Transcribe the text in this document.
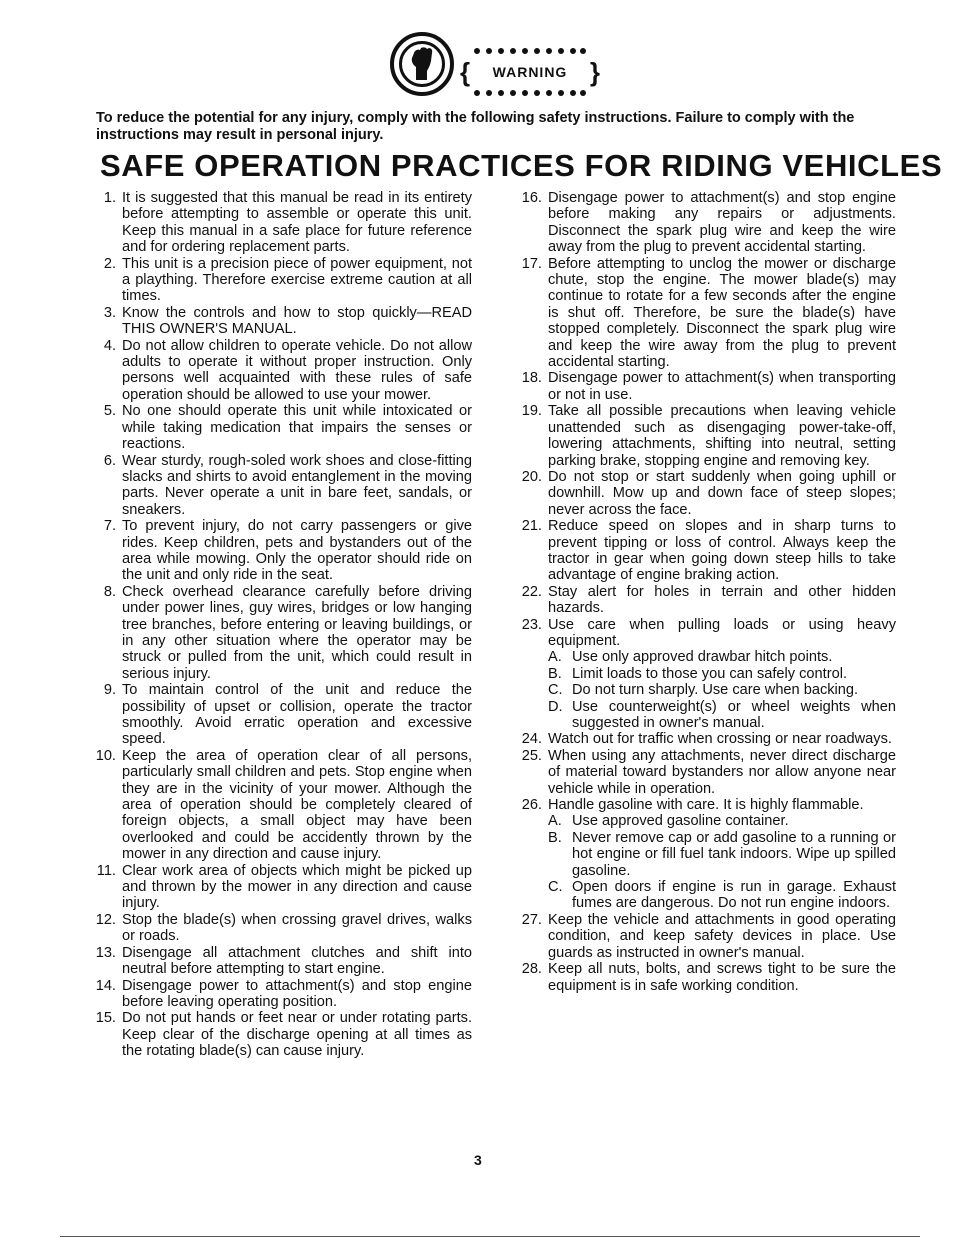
{	WARNING }

To reduce the potential for any injury, comply with the following safety instructions. Failure to comply with the instructions may result in personal injury.

SAFE OPERATION PRACTICES FOR RIDING VEHICLES
1. It is suggested that this manual be read in its entirety before attempting to assemble or operate this unit. Keep this manual in a safe place for future reference and for ordering replacement parts.
2. This unit is a precision piece of power equipment, not a plaything. Therefore exercise extreme caution at all times.
3. Know the controls and how to stop quickly—READ THIS OWNER'S MANUAL.
4. Do not allow children to operate vehicle. Do not allow adults to operate it without proper instruction. Only persons well acquainted with these rules of safe operation should be allowed to use your mower.
5. No one should operate this unit while intoxicated or while taking medication that impairs the senses or reactions.
6. Wear sturdy, rough-soled work shoes and close-fitting slacks and shirts to avoid entanglement in the moving parts. Never operate a unit in bare feet, sandals, or sneakers.
7. To prevent injury, do not carry passengers or give rides. Keep children, pets and bystanders out of the area while mowing. Only the operator should ride on the unit and only ride in the seat.
8. Check overhead clearance carefully before driving under power lines, guy wires, bridges or low hanging tree branches, before entering or leaving buildings, or in any other situation where the operator may be struck or pulled from the unit, which could result in serious injury.
9. To maintain control of the unit and reduce the possibility of upset or collision, operate the tractor smoothly. Avoid erratic operation and excessive speed.
10. Keep the area of operation clear of all persons, particularly small children and pets. Stop engine when they are in the vicinity of your mower. Although the area of operation should be completely cleared of foreign objects, a small object may have been overlooked and could be accidently thrown by the mower in any direction and cause injury.
11. Clear work area of objects which might be picked up and thrown by the mower in any direction and cause injury.
12. Stop the blade(s) when crossing gravel drives, walks or roads.
13. Disengage all attachment clutches and shift into neutral before attempting to start engine.
14. Disengage power to attachment(s) and stop engine before leaving operating position.
15. Do not put hands or feet near or under rotating parts. Keep clear of the discharge opening at all times as the rotating blade(s) can cause injury.
16. Disengage power to attachment(s) and stop engine before making any repairs or adjustments. Disconnect the spark plug wire and keep the wire away from the plug to prevent accidental starting.
17. Before attempting to unclog the mower or discharge chute, stop the engine. The mower blade(s) may continue to rotate for a few seconds after the engine is shut off. Therefore, be sure the blade(s) have stopped completely. Disconnect the spark plug wire and keep the wire away from the plug to prevent accidental starting.
18. Disengage power to attachment(s) when transporting or not in use.
19. Take all possible precautions when leaving vehicle unattended such as disengaging power-take-off, lowering attachments, shifting into neutral, setting parking brake, stopping engine and removing key.
20. Do not stop or start suddenly when going uphill or downhill. Mow up and down face of steep slopes; never across the face.
21. Reduce speed on slopes and in sharp turns to prevent tipping or loss of control. Always keep the tractor in gear when going down steep hills to take advantage of engine braking action.
22. Stay alert for holes in terrain and other hidden hazards.
23. Use care when pulling loads or using heavy equipment.
A. Use only approved drawbar hitch points.
B. Limit loads to those you can safely control.
C. Do not turn sharply. Use care when backing.
D. Use counterweight(s) or wheel weights when suggested in owner's manual.
24. Watch out for traffic when crossing or near roadways.
25. When using any attachments, never direct discharge of material toward bystanders nor allow anyone near vehicle while in operation.
26. Handle gasoline with care. It is highly flammable.
A. Use approved gasoline container.
B. Never remove cap or add gasoline to a running or hot engine or fill fuel tank indoors. Wipe up spilled gasoline.
C. Open doors if engine is run in garage. Exhaust fumes are dangerous. Do not run engine indoors.
27. Keep the vehicle and attachments in good operating condition, and keep safety devices in place. Use guards as instructed in owner's manual.
28. Keep all nuts, bolts, and screws tight to be sure the equipment is in safe working condition.
3
